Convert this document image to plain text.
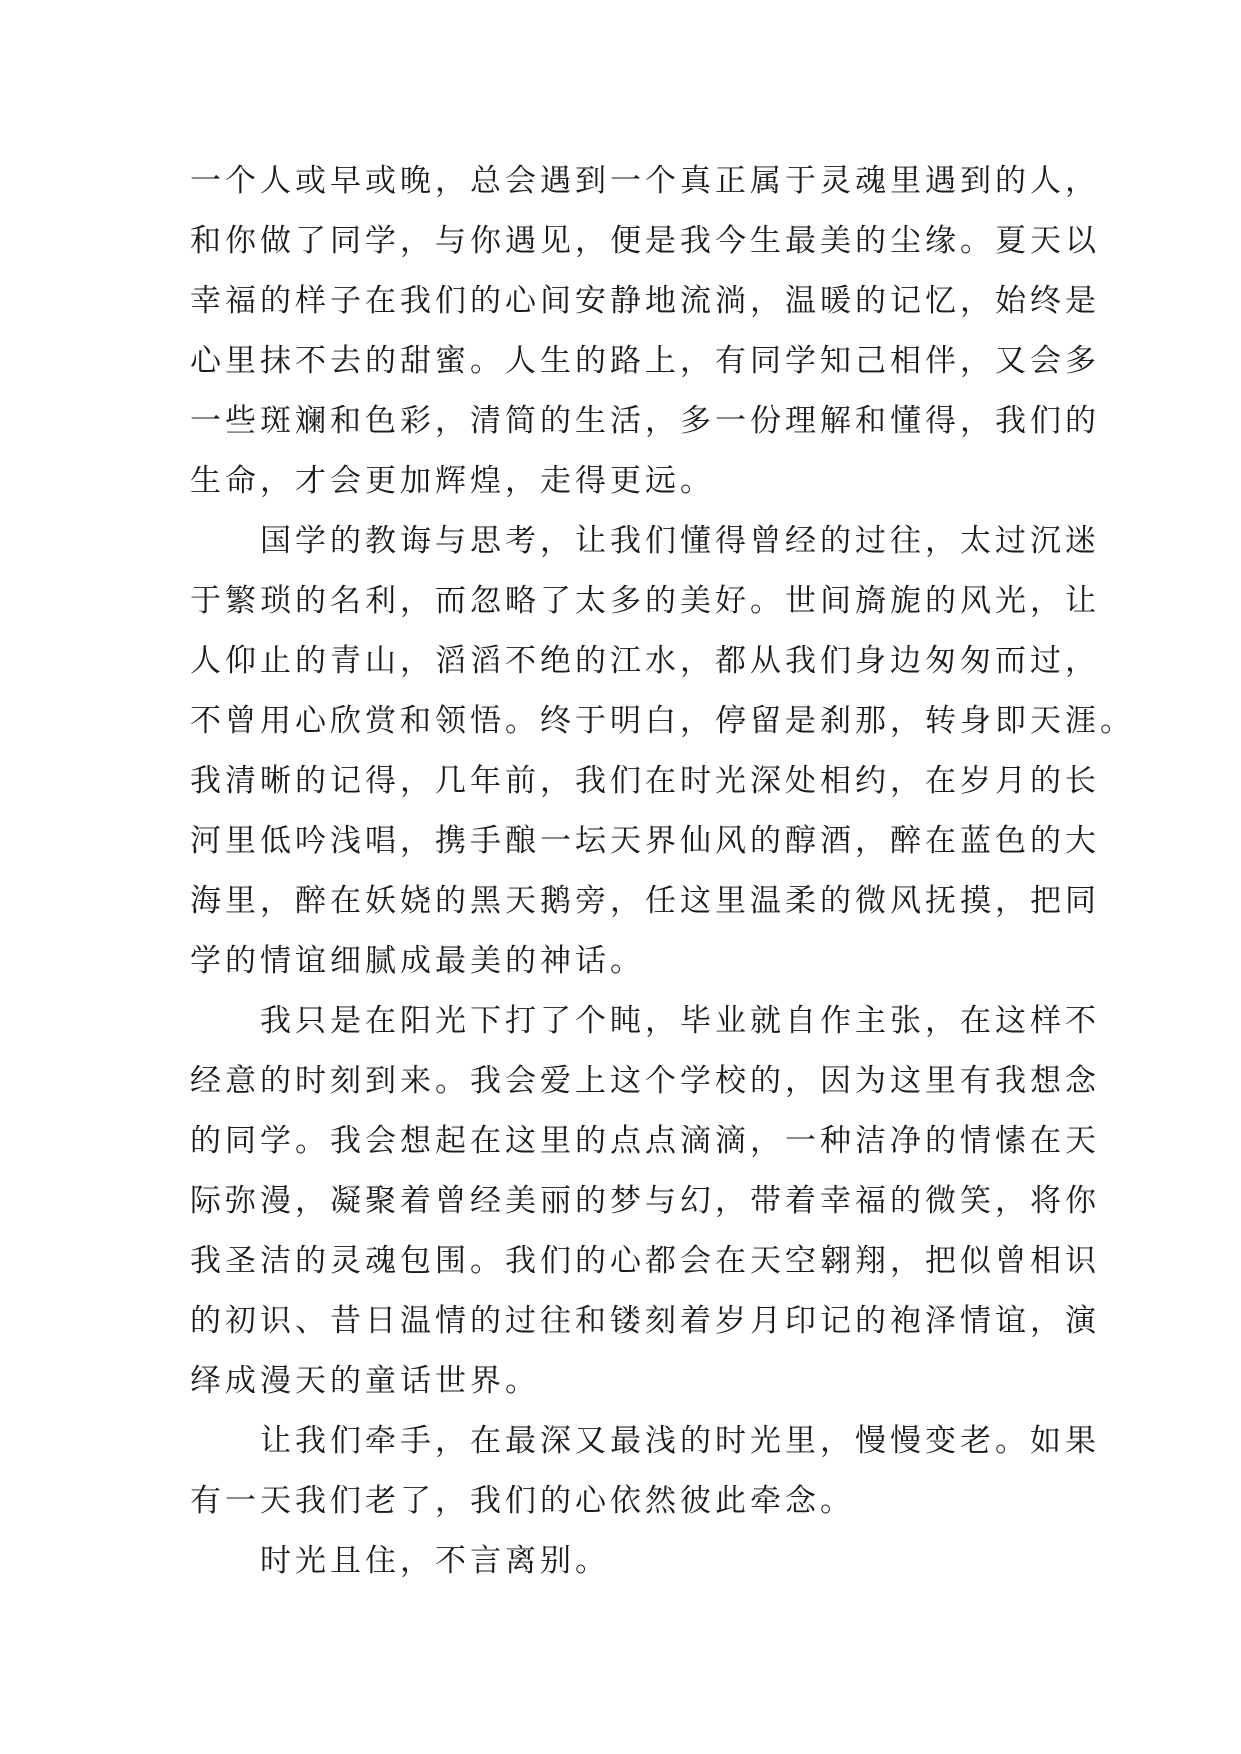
一个人或早或晚，总会遇到一个真正属于灵魂里遇到的人，
和你做了同学，与你遇见，便是我今生最美的尘缘。夏天以
幸福的样子在我们的心间安静地流淌，温暖的记忆，始终是
心里抹不去的甜蜜。人生的路上，有同学知己相伴，又会多
一些斑斓和色彩，清简的生活，多一份理解和懂得，我们的
生命，才会更加辉煌，走得更远。
国学的教诲与思考，让我们懂得曾经的过往，太过沉迷
于繁琐的名利，而忽略了太多的美好。世间旖旎的风光，让
人仰止的青山，滔滔不绝的江水，都从我们身边匆匆而过，
不曾用心欣赏和领悟。终于明白，停留是刹那，转身即天涯。
我清晰的记得，几年前，我们在时光深处相约，在岁月的长
河里低吟浅唱，携手酿一坛天界仙风的醇酒，醉在蓝色的大
海里，醉在妖娆的黑天鹅旁，任这里温柔的微风抚摸，把同
学的情谊细腻成最美的神话。
我只是在阳光下打了个盹，毕业就自作主张，在这样不
经意的时刻到来。我会爱上这个学校的，因为这里有我想念
的同学。我会想起在这里的点点滴滴，一种洁净的情愫在天
际弥漫，凝聚着曾经美丽的梦与幻，带着幸福的微笑，将你
我圣洁的灵魂包围。我们的心都会在天空翱翔，把似曾相识
的初识、昔日温情的过往和镂刻着岁月印记的袍泽情谊，演
绎成漫天的童话世界。
让我们牵手，在最深又最浅的时光里，慢慢变老。如果
有一天我们老了，我们的心依然彼此牵念。
时光且住，不言离别。
